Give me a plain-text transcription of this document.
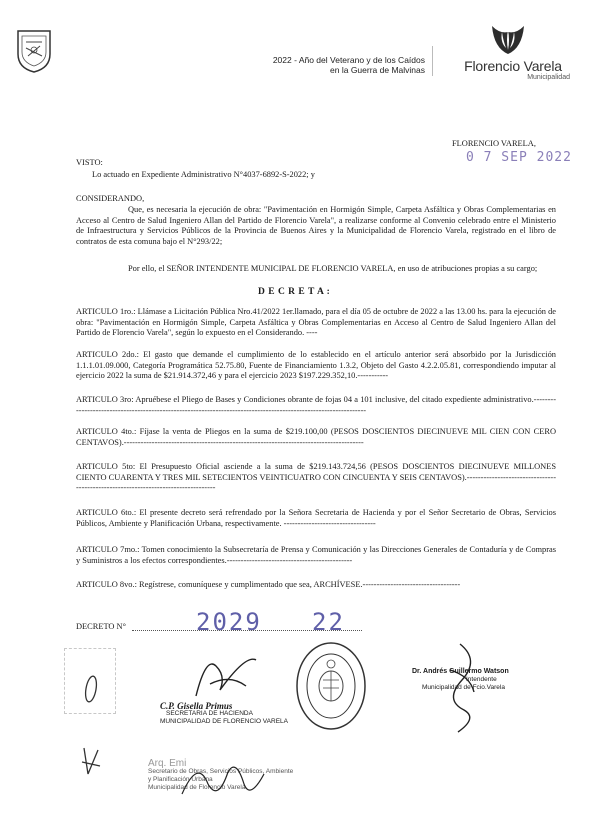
2022 - Año del Veterano y de los Caídos
en la Guerra de Malvinas	Florencio Varela
Municipalidad
FLORENCIO VARELA,
0 7 SEP 2022
VISTO:
Lo actuado en Expediente Administrativo N°4037-6892-S-2022; y
CONSIDERANDO,
Que, es necesaria la ejecución de obra: "Pavimentación en Hormigón Simple, Carpeta Asfáltica y Obras Complementarias en Acceso al Centro de Salud Ingeniero Allan del Partido de Florencio Varela", a realizarse conforme al Convenio celebrado entre el Ministerio de Infraestructura y Servicios Públicos de la Provincia de Buenos Aires y la Municipalidad de Florencio Varela, registrado en el libro de contratos de esta comuna bajo el N°293/22;
Por ello, el SEÑOR INTENDENTE MUNICIPAL DE FLORENCIO VARELA, en uso de atribuciones propias a su cargo;
D E C R E T A :
ARTICULO 1ro.: Llámase a Licitación Pública Nro.41/2022 1er.llamado, para el día 05 de octubre de 2022 a las 13.00 hs. para la ejecución de obra: "Pavimentación en Hormigón Simple, Carpeta Asfáltica y Obras Complementarias en Acceso al Centro de Salud Ingeniero Allan del Partido de Florencio Varela", según lo expuesto en el Considerando. ----
ARTICULO 2do.: El gasto que demande el cumplimiento de lo establecido en el artículo anterior será absorbido por la Jurisdicción 1.1.1.01.09.000, Categoría Programática 52.75.80, Fuente de Financiamiento 1.3.2, Objeto del Gasto 4.2.2.05.81, correspondiendo imputar al ejercicio 2022 la suma de $21.914.372,46 y para el ejercicio 2023 $197.229.352,10.-----------
ARTICULO 3ro: Apruébese el Pliego de Bases y Condiciones obrante de fojas 04 a 101 inclusive, del citado expediente administrativo.----------------------------------------------------------------------------------------------------------------
ARTICULO 4to.: Fíjase la venta de Pliegos en la suma de $219.100,00 (PESOS DOSCIENTOS DIECINUEVE MIL CIEN CON CERO CENTAVOS).--------------------------------------------------------------------------------------
ARTICULO 5to: El Presupuesto Oficial asciende a la suma de $219.143.724,56 (PESOS DOSCIENTOS DIECINUEVE MILLONES CIENTO CUARENTA Y TRES MIL SETECIENTOS VEINTICUATRO CON CINCUENTA Y SEIS CENTAVOS).----------------------------------------------------------------------------------
ARTICULO 6to.: El presente decreto será refrendado por la Señora Secretaria de Hacienda y por el Señor Secretario de Obras, Servicios Públicos, Ambiente y Planificación Urbana, respectivamente. ---------------------------------
ARTICULO 7mo.: Tomen conocimiento la Subsecretaría de Prensa y Comunicación y las Direcciones Generales de Contaduría y de Compras y Suministros a los efectos correspondientes.---------------------------------------------
ARTICULO 8vo.: Regístrese, comuníquese y cumplimentado que sea, ARCHÍVESE.-----------------------------------
DECRETO N°	2029 22
C.P. Gisella Primus
SECRETARIA DE HACIENDA
MUNICIPALIDAD DE FLORENCIO VARELA
Arq. Emi
Secretario de Obras, Servicios Públicos, Ambiente y Planificación Urbana
Municipalidad de Florencio Varela
Dr. Andrés Guillermo Watson
Intendente
Municipalidad de Fcio.Varela
